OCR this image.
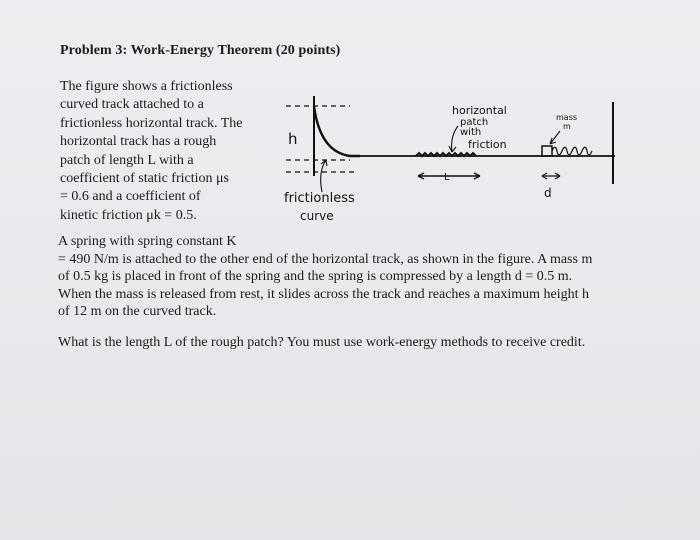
Problem 3: Work-Energy Theorem (20 points)
The figure shows a frictionless
curved track attached to a
frictionless horizontal track. The
horizontal track has a rough
patch of length L with a
coefficient of static friction μs
= 0.6 and a coefficient of
kinetic friction μk = 0.5.
h
L
horizontal
patch
with
friction
mass
m
d
frictionless
curve
A spring with spring constant K
= 490 N/m is attached to the other end of the horizontal track, as shown in the figure. A mass m
of 0.5 kg is placed in front of the spring and the spring is compressed by a length d = 0.5 m.
When the mass is released from rest, it slides across the track and reaches a maximum height h
of 12 m on the curved track.
What is the length L of the rough patch? You must use work-energy methods to receive credit.
